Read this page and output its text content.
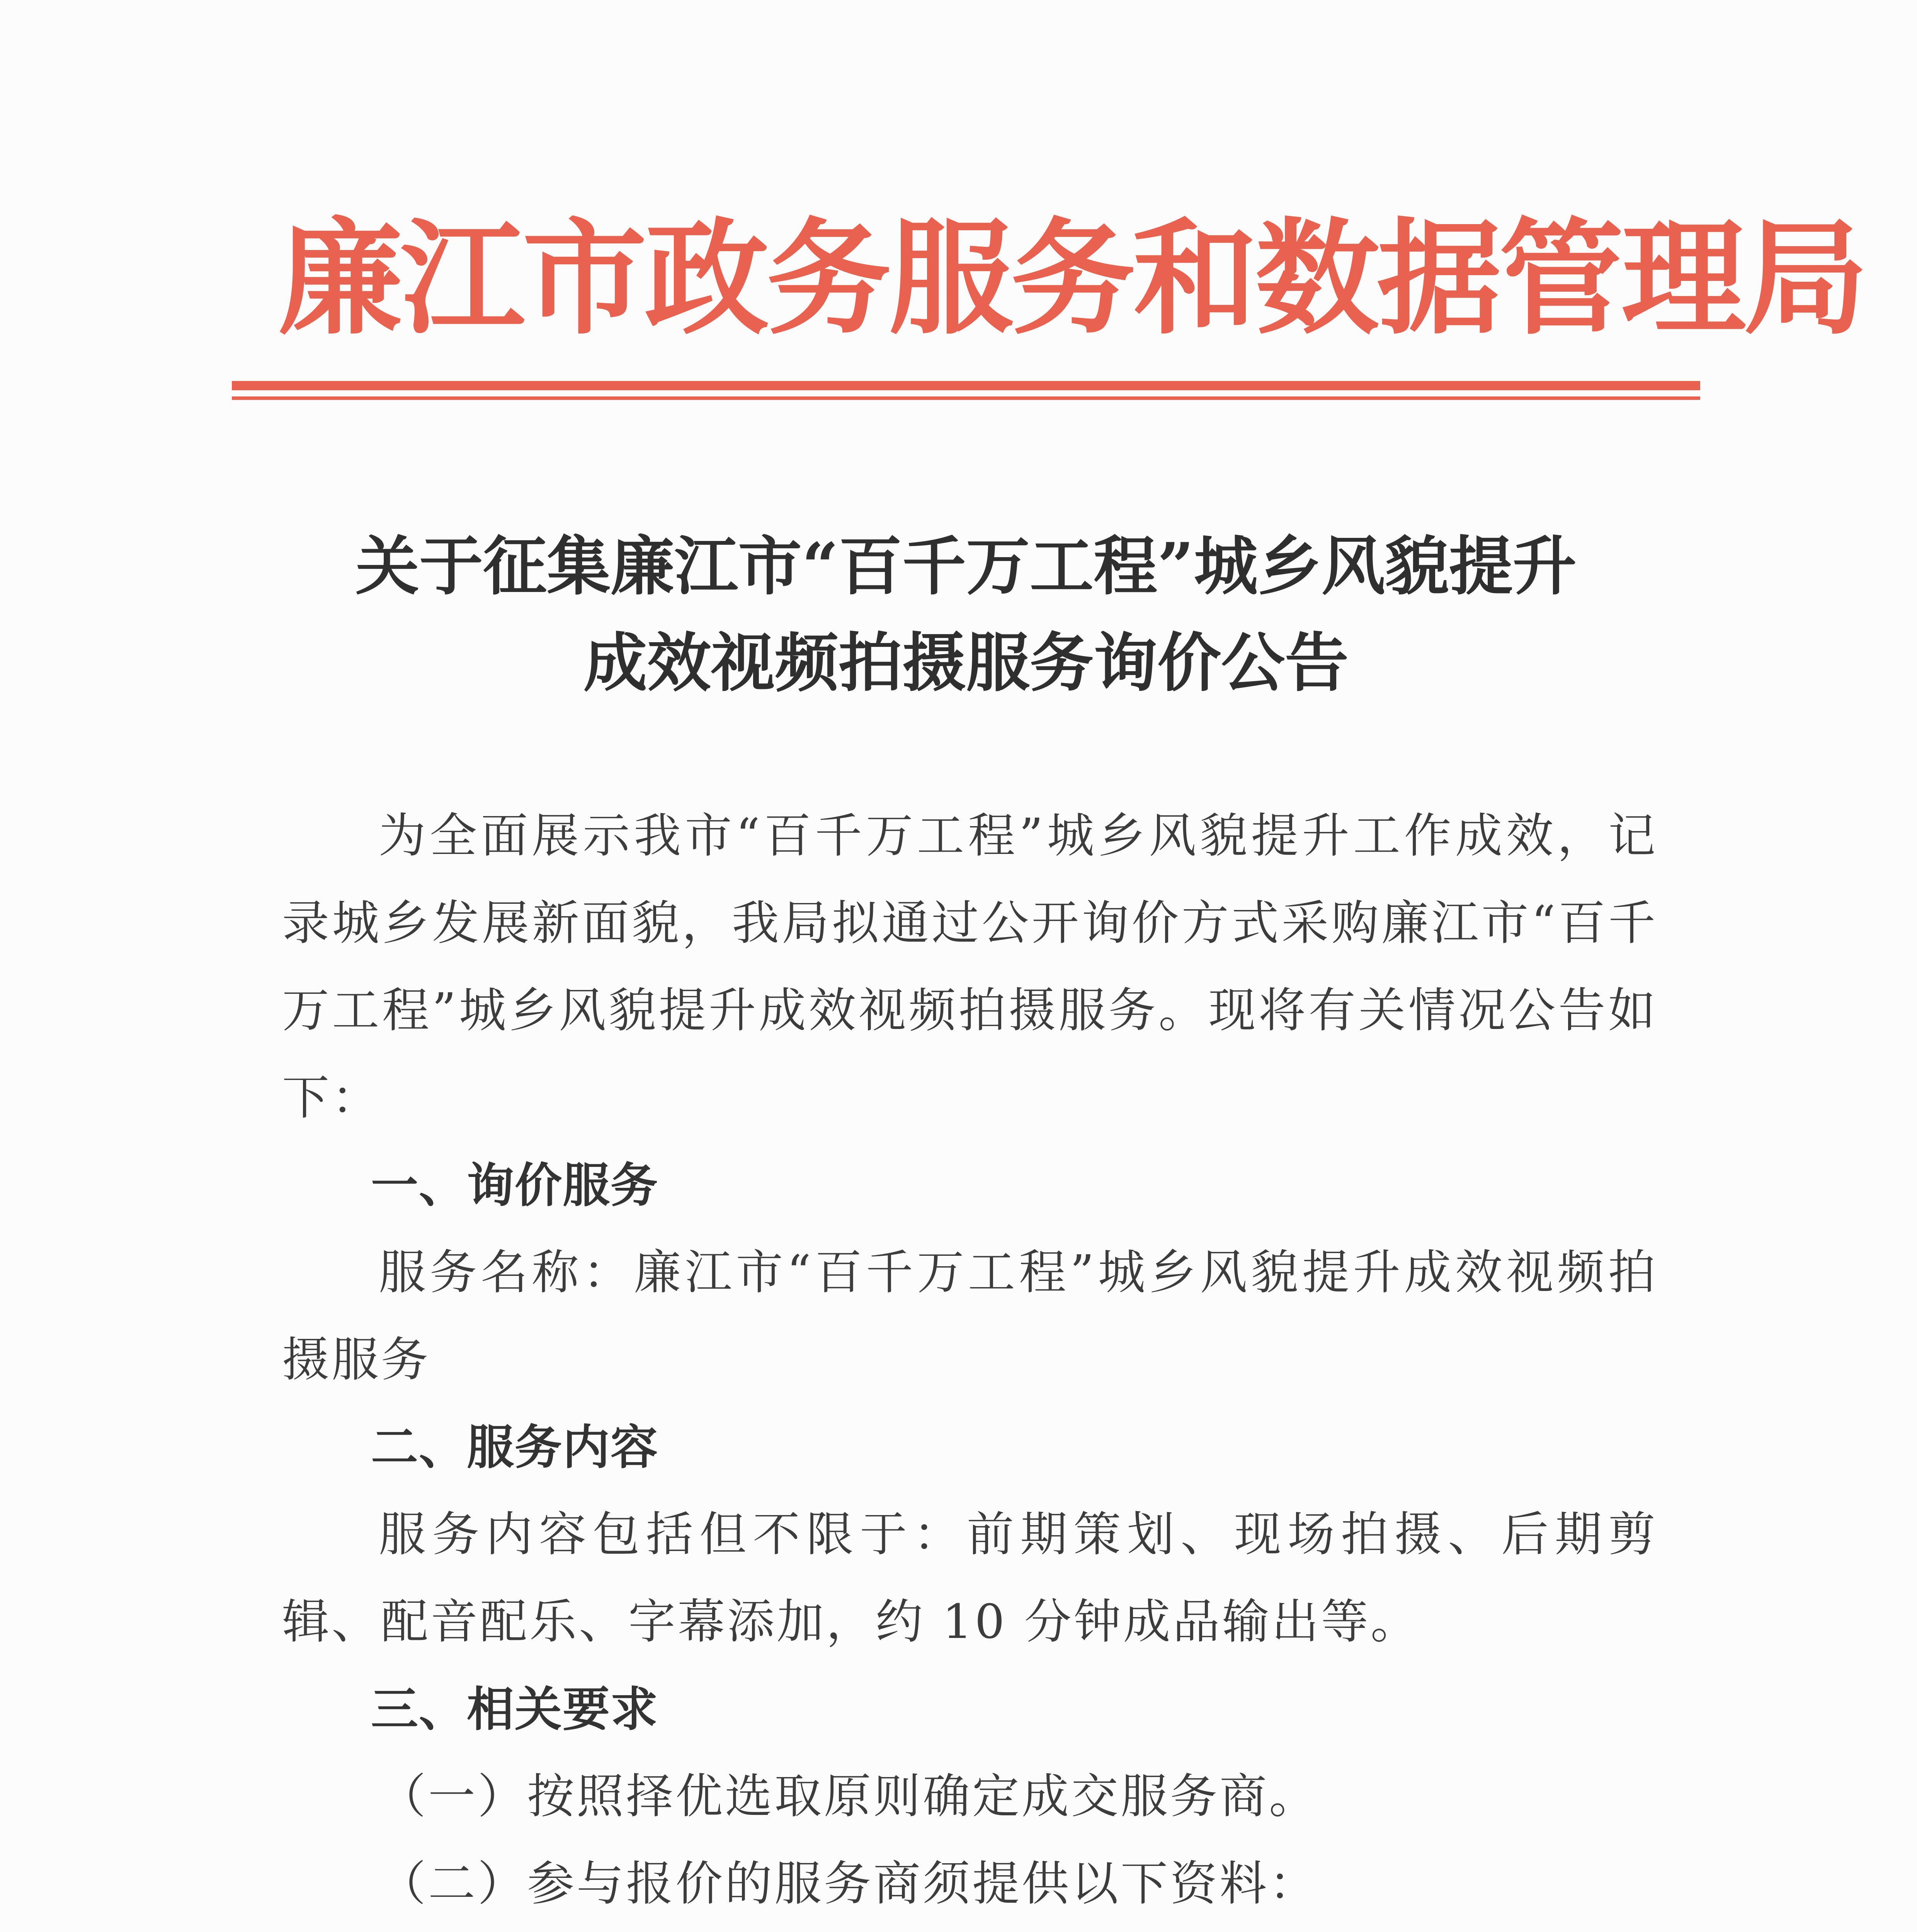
廉江市政务服务和数据管理局
关于征集廉江市“百千万工程”城乡风貌提升
成效视频拍摄服务询价公告

为全面展示我市“百千万工程”城乡风貌提升工作成效，记录城乡发展新面貌，我局拟通过公开询价方式采购廉江市“百千万工程”城乡风貌提升成效视频拍摄服务。现将有关情况公告如下：

一、询价服务

服务名称：廉江市“百千万工程”城乡风貌提升成效视频拍摄服务

二、服务内容

服务内容包括但不限于：前期策划、现场拍摄、后期剪辑、配音配乐、字幕添加，约 10 分钟成品输出等。

三、相关要求

（一）按照择优选取原则确定成交服务商。

（二）参与报价的服务商须提供以下资料：
